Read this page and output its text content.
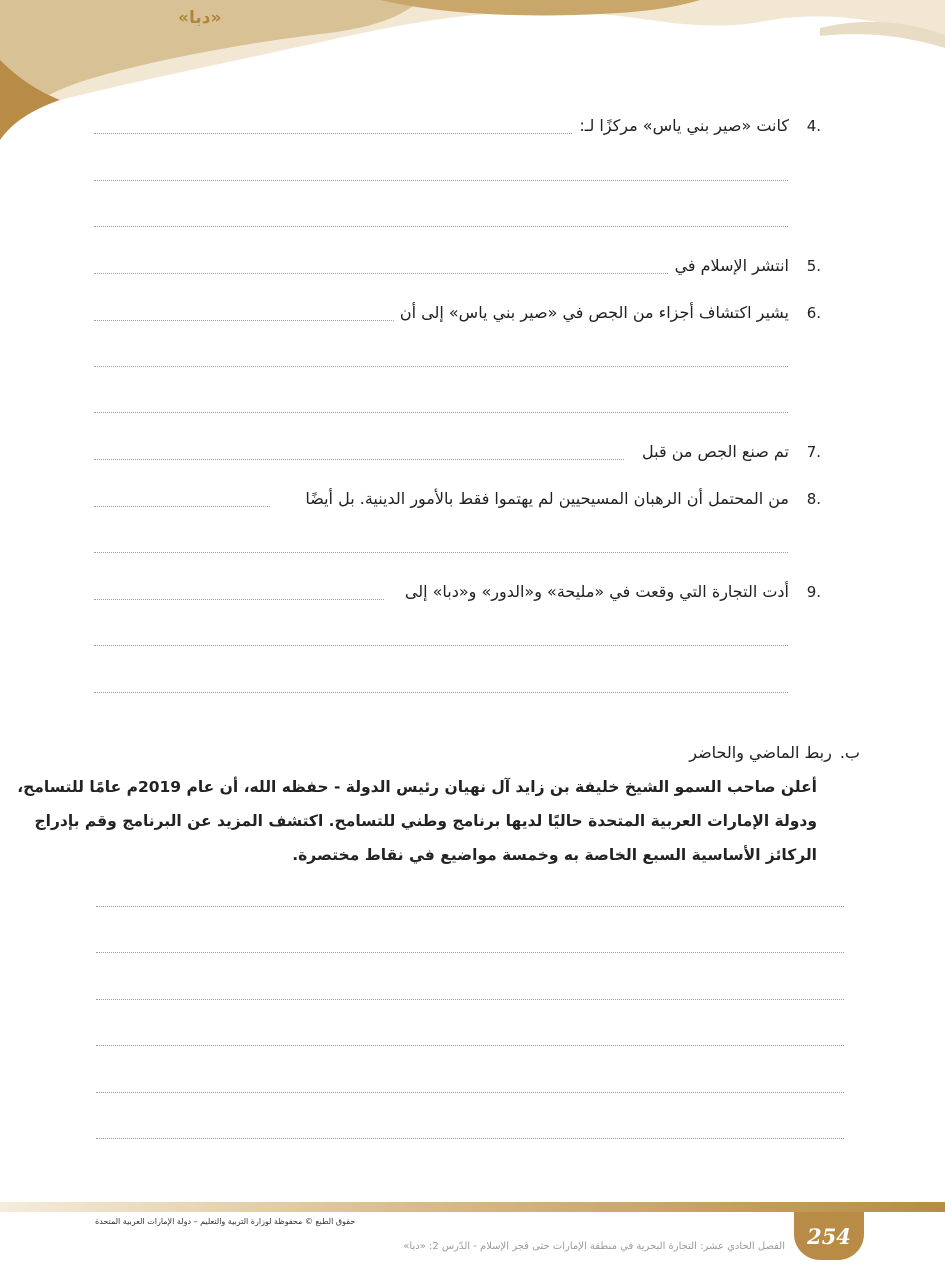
«دبا»
4.
كانت «صير بني ياس» مركزًا لـ:
5.
انتشر الإسلام في
6.
يشير اكتشاف أجزاء من الجص في «صير بني ياس» إلى أن
7.
تم صنع الجص من قبل
8.
من المحتمل أن الرهبان المسيحيين لم يهتموا فقط بالأمور الدينية. بل أيضًا
9.
أدت التجارة التي وقعت في «مليحة» و«الدور» و«دبا» إلى
ب.ربط الماضي والحاضر
أعلن صاحب السمو الشيخ خليفة بن زايد آل نهيان رئيس الدولة - حفظه الله، أن عام 2019م عامًا للتسامح،
ودولة الإمارات العربية المتحدة حاليًا لديها برنامج وطني للتسامح. اكتشف المزيد عن البرنامج وقم بإدراج
الركائز الأساسية السبع الخاصة به وخمسة مواضيع في نقاط مختصرة.
254
حقوق الطبع © محفوظة لوزارة التربية والتعليم – دولة الإمارات العربية المتحدة
الفصل الحادي عشر: التجارة البحرية في منطقة الإمارات حتى فجر الإسلام - الدّرس 2: «دبا»
